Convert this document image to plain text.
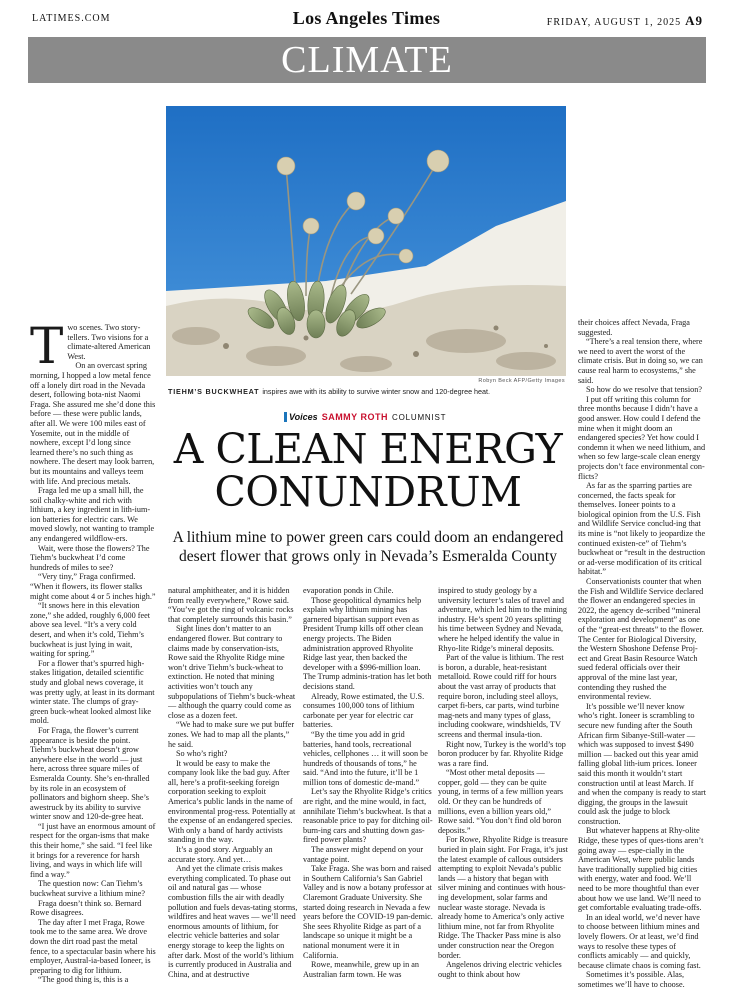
LATIMES.COM	Los Angeles Times	FRIDAY, AUGUST 1, 2025 A9
CLIMATE
Robyn Beck AFP/Getty Images
TIEHM’S BUCKWHEAT inspires awe with its ability to survive winter snow and 120-degree heat.
Voices SAMMY ROTH COLUMNIST
A CLEAN ENERGY CONUNDRUM
A lithium mine to power green cars could doom an endangered desert flower that grows only in Nevada’s Esmeralda County
T wo scenes. Two story-tellers. Two visions for a climate-altered American West.

On an overcast spring morning, I hopped a low metal fence off a lonely dirt road in the Nevada desert, following bota-nist Naomi Fraga. She assured me she’d done this before — these were public lands, after all. We were 100 miles east of Yosemite, out in the middle of nowhere, except I’d long since learned there’s no such thing as nowhere. The desert may look barren, but its mountains and valleys teem with life. And precious metals.

Fraga led me up a small hill, the soil chalky-white and rich with lithium, a key ingredient in lith-ium-ion batteries for electric cars. We moved slowly, not wanting to trample any endangered wildflow-ers.

Wait, were those the flowers? The Tiehm’s buckwheat I’d come hundreds of miles to see?

“Very tiny,” Fraga confirmed. “When it flowers, its flower stalks might come about 4 or 5 inches high.”

“It snows here in this elevation zone,” she added, roughly 6,000 feet above sea level. “It’s a very cold desert, and when it’s cold, Tiehm’s buckwheat is just lying in wait, waiting for spring.”

For a flower that’s spurred high-stakes litigation, detailed scientific study and global news coverage, it was pretty ugly, at least in its dormant winter state. The clumps of gray-green buck-wheat looked almost like mold.

For Fraga, the flower’s current appearance is beside the point. Tiehm’s buckwheat doesn’t grow anywhere else in the world — just here, across three square miles of Esmeralda County. She’s en-thralled by its role in an ecosystem of pollinators and bighorn sheep. She’s awestruck by its ability to survive winter snow and 120-de-gree heat.

“I just have an enormous amount of respect for the organ-isms that make this their home,” she said. “I feel like it brings for a reverence for harsh living, and ways in which life will find a way.”

The question now: Can Tiehm’s buckwheat survive a lithium mine?

Fraga doesn’t think so. Bernard Rowe disagrees.

The day after I met Fraga, Rowe took me to the same area. We drove down the dirt road past the metal fence, to a spectacular basin where his employer, Austral-ia-based Ioneer, is preparing to dig for lithium.

“The good thing is, this is a

natural amphitheater, and it is hidden from really everywhere,” Rowe said. “You’ve got the ring of volcanic rocks that completely surrounds this basin.”

Sight lines don’t matter to an endangered flower. But contrary to claims made by conservation-ists, Rowe said the Rhyolite Ridge mine won’t drive Tiehm’s buck-wheat to extinction. He noted that mining activities won’t touch any subpopulations of Tiehm’s buck-wheat — although the quarry could come as close as a dozen feet.

“We had to make sure we put buffer zones. We had to map all the plants,” he said.

So who’s right?

It would be easy to make the company look like the bad guy. After all, here’s a profit-seeking foreign corporation seeking to exploit America’s public lands in the name of environmental prog-ress. Potentially at the expense of an endangered species. With only a band of hardy activists standing in the way.

It’s a good story. Arguably an accurate story. And yet…

And yet the climate crisis makes everything complicated. To phase out oil and natural gas — whose combustion fills the air with deadly pollution and fuels devas-tating storms, wildfires and heat waves — we’ll need enormous amounts of lithium, for electric vehicle batteries and solar energy storage to keep the lights on after dark. Most of the world’s lithium is currently produced in Australia and China, and at destructive

evaporation ponds in Chile.

Those geopolitical dynamics help explain why lithium mining has garnered bipartisan support even as President Trump kills off other clean energy projects. The Biden administration approved Rhyolite Ridge last year, then backed the developer with a $996-million loan. The Trump adminis-tration has let both decisions stand.

Already, Rowe estimated, the U.S. consumes 100,000 tons of lithium carbonate per year for electric car batteries.

“By the time you add in grid batteries, hand tools, recreational vehicles, cellphones … it will soon be hundreds of thousands of tons,” he said. “And into the future, it’ll be 1 million tons of domestic de-mand.”

Let’s say the Rhyolite Ridge’s critics are right, and the mine would, in fact, annihilate Tiehm’s buckwheat. Is that a reasonable price to pay for ditching oil-burn-ing cars and shutting down gas-fired power plants?

The answer might depend on your vantage point.

Take Fraga. She was born and raised in Southern California’s San Gabriel Valley and is now a botany professor at Claremont Graduate University. She started doing research in Nevada a few years before the COVID-19 pan-demic. She sees Rhyolite Ridge as part of a landscape so unique it might be a national monument were it in California.

Rowe, meanwhile, grew up in an Australian farm town. He was

inspired to study geology by a university lecturer’s tales of travel and adventure, which led him to the mining industry. He’s spent 20 years splitting his time between Sydney and Nevada, where he helped identify the value in Rhyo-lite Ridge’s mineral deposits.

Part of the value is lithium. The rest is boron, a durable, heat-resistant metalloid. Rowe could riff for hours about the vast array of products that require boron, including steel alloys, carpet fi-bers, car parts, wind turbine mag-nets and many types of glass, including cookware, windshields, TV screens and thermal insula-tion.

Right now, Turkey is the world’s top boron producer by far. Rhyolite Ridge was a rare find.

“Most other metal deposits — copper, gold — they can be quite young, in terms of a few million years old. Or they can be hundreds of millions, even a billion years old,” Rowe said. “You don’t find old boron deposits.”

For Rowe, Rhyolite Ridge is treasure buried in plain sight. For Fraga, it’s just the latest example of callous outsiders attempting to exploit Nevada’s public lands — a history that began with silver mining and continues with hous-ing development, solar farms and nuclear waste storage. Nevada is already home to America’s only active lithium mine, not far from Rhyolite Ridge. The Thacker Pass mine is also under construction near the Oregon border.

Angelenos driving electric vehicles ought to think about how

their choices affect Nevada, Fraga suggested.

“There’s a real tension there, where we need to avert the worst of the climate crisis. But in doing so, we can cause real harm to ecosystems,” she said.

So how do we resolve that tension?

I put off writing this column for three months because I didn’t have a good answer. How could I defend the mine when it might doom an endangered species? Yet how could I condemn it when we need lithium, and when so few large-scale clean energy projects don’t face environmental con-flicts?

As far as the sparring parties are concerned, the facts speak for themselves. Ioneer points to a biological opinion from the U.S. Fish and Wildlife Service conclud-ing that its mine is “not likely to jeopardize the continued existen-ce” of Tiehm’s buckwheat or “result in the destruction or ad-verse modification of its critical habitat.”

Conservationists counter that when the Fish and Wildlife Service declared the flower an endangered species in 2022, the agency de-scribed “mineral exploration and development” as one of the “great-est threats” to the flower. The Center for Biological Diversity, the Western Shoshone Defense Proj-ect and Great Basin Resource Watch sued federal officials over their approval of the mine last year, contending they rushed the environmental review.

It’s possible we’ll never know who’s right. Ioneer is scrambling to secure new funding after the South African firm Sibanye-Still-water — which was supposed to invest $490 million — backed out this year amid falling global lith-ium prices. Ioneer said this month it wouldn’t start construction until at least March. If and when the company is ready to start digging, the groups in the lawsuit could ask the judge to block construction.

But whatever happens at Rhy-olite Ridge, these types of ques-tions aren’t going away — espe-cially in the American West, where public lands have traditionally supplied big cities with energy, water and food. We’ll need to be more thoughtful than ever about how we use land. We’ll need to get comfortable evaluating trade-offs.

In an ideal world, we’d never have to choose between lithium mines and lovely flowers. Or at least, we’d find ways to resolve these types of conflicts amicably — and quickly, because climate chaos is coming fast.

Sometimes it’s possible. Alas, sometimes we’ll have to choose.
